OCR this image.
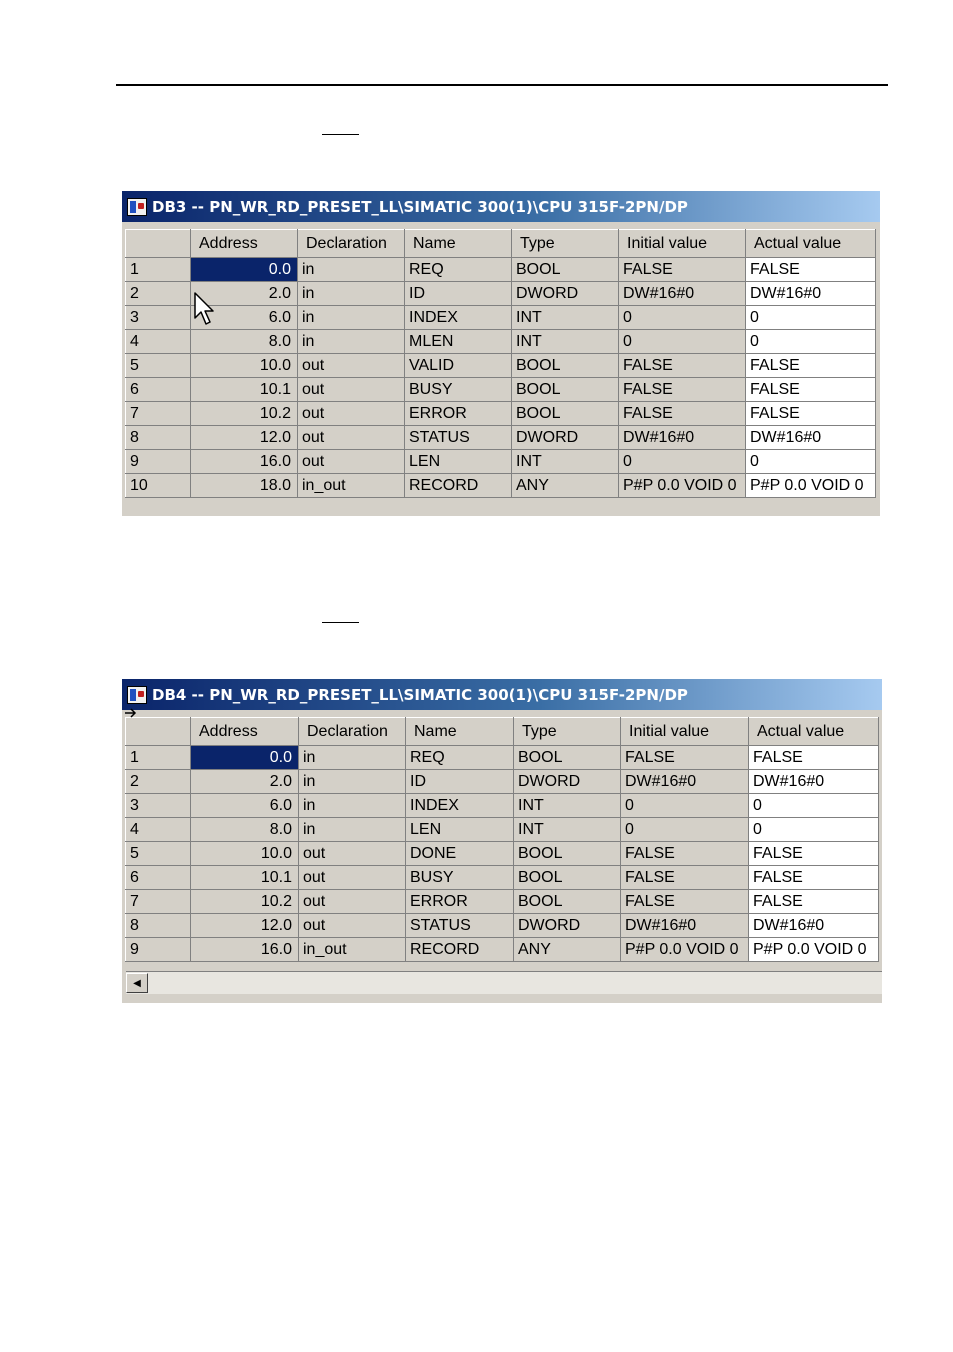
DB3 -- PN_WR_RD_PRESET_LL\SIMATIC 300(1)\CPU 315F-2PN/DP
	Address	Declaration	Name	Type	Initial value	Actual value
1	0.0	in	REQ	BOOL	FALSE	FALSE
2	2.0	in	ID	DWORD	DW#16#0	DW#16#0
3	6.0	in	INDEX	INT	0	0
4	8.0	in	MLEN	INT	0	0
5	10.0	out	VALID	BOOL	FALSE	FALSE
6	10.1	out	BUSY	BOOL	FALSE	FALSE
7	10.2	out	ERROR	BOOL	FALSE	FALSE
8	12.0	out	STATUS	DWORD	DW#16#0	DW#16#0
9	16.0	out	LEN	INT	0	0
10	18.0	in_out	RECORD	ANY	P#P 0.0 VOID 0	P#P 0.0 VOID 0
DB4 -- PN_WR_RD_PRESET_LL\SIMATIC 300(1)\CPU 315F-2PN/DP
	Address	Declaration	Name	Type	Initial value	Actual value
1	0.0	in	REQ	BOOL	FALSE	FALSE
2	2.0	in	ID	DWORD	DW#16#0	DW#16#0
3	6.0	in	INDEX	INT	0	0
4	8.0	in	LEN	INT	0	0
5	10.0	out	DONE	BOOL	FALSE	FALSE
6	10.1	out	BUSY	BOOL	FALSE	FALSE
7	10.2	out	ERROR	BOOL	FALSE	FALSE
8	12.0	out	STATUS	DWORD	DW#16#0	DW#16#0
9	16.0	in_out	RECORD	ANY	P#P 0.0 VOID 0	P#P 0.0 VOID 0
◀
